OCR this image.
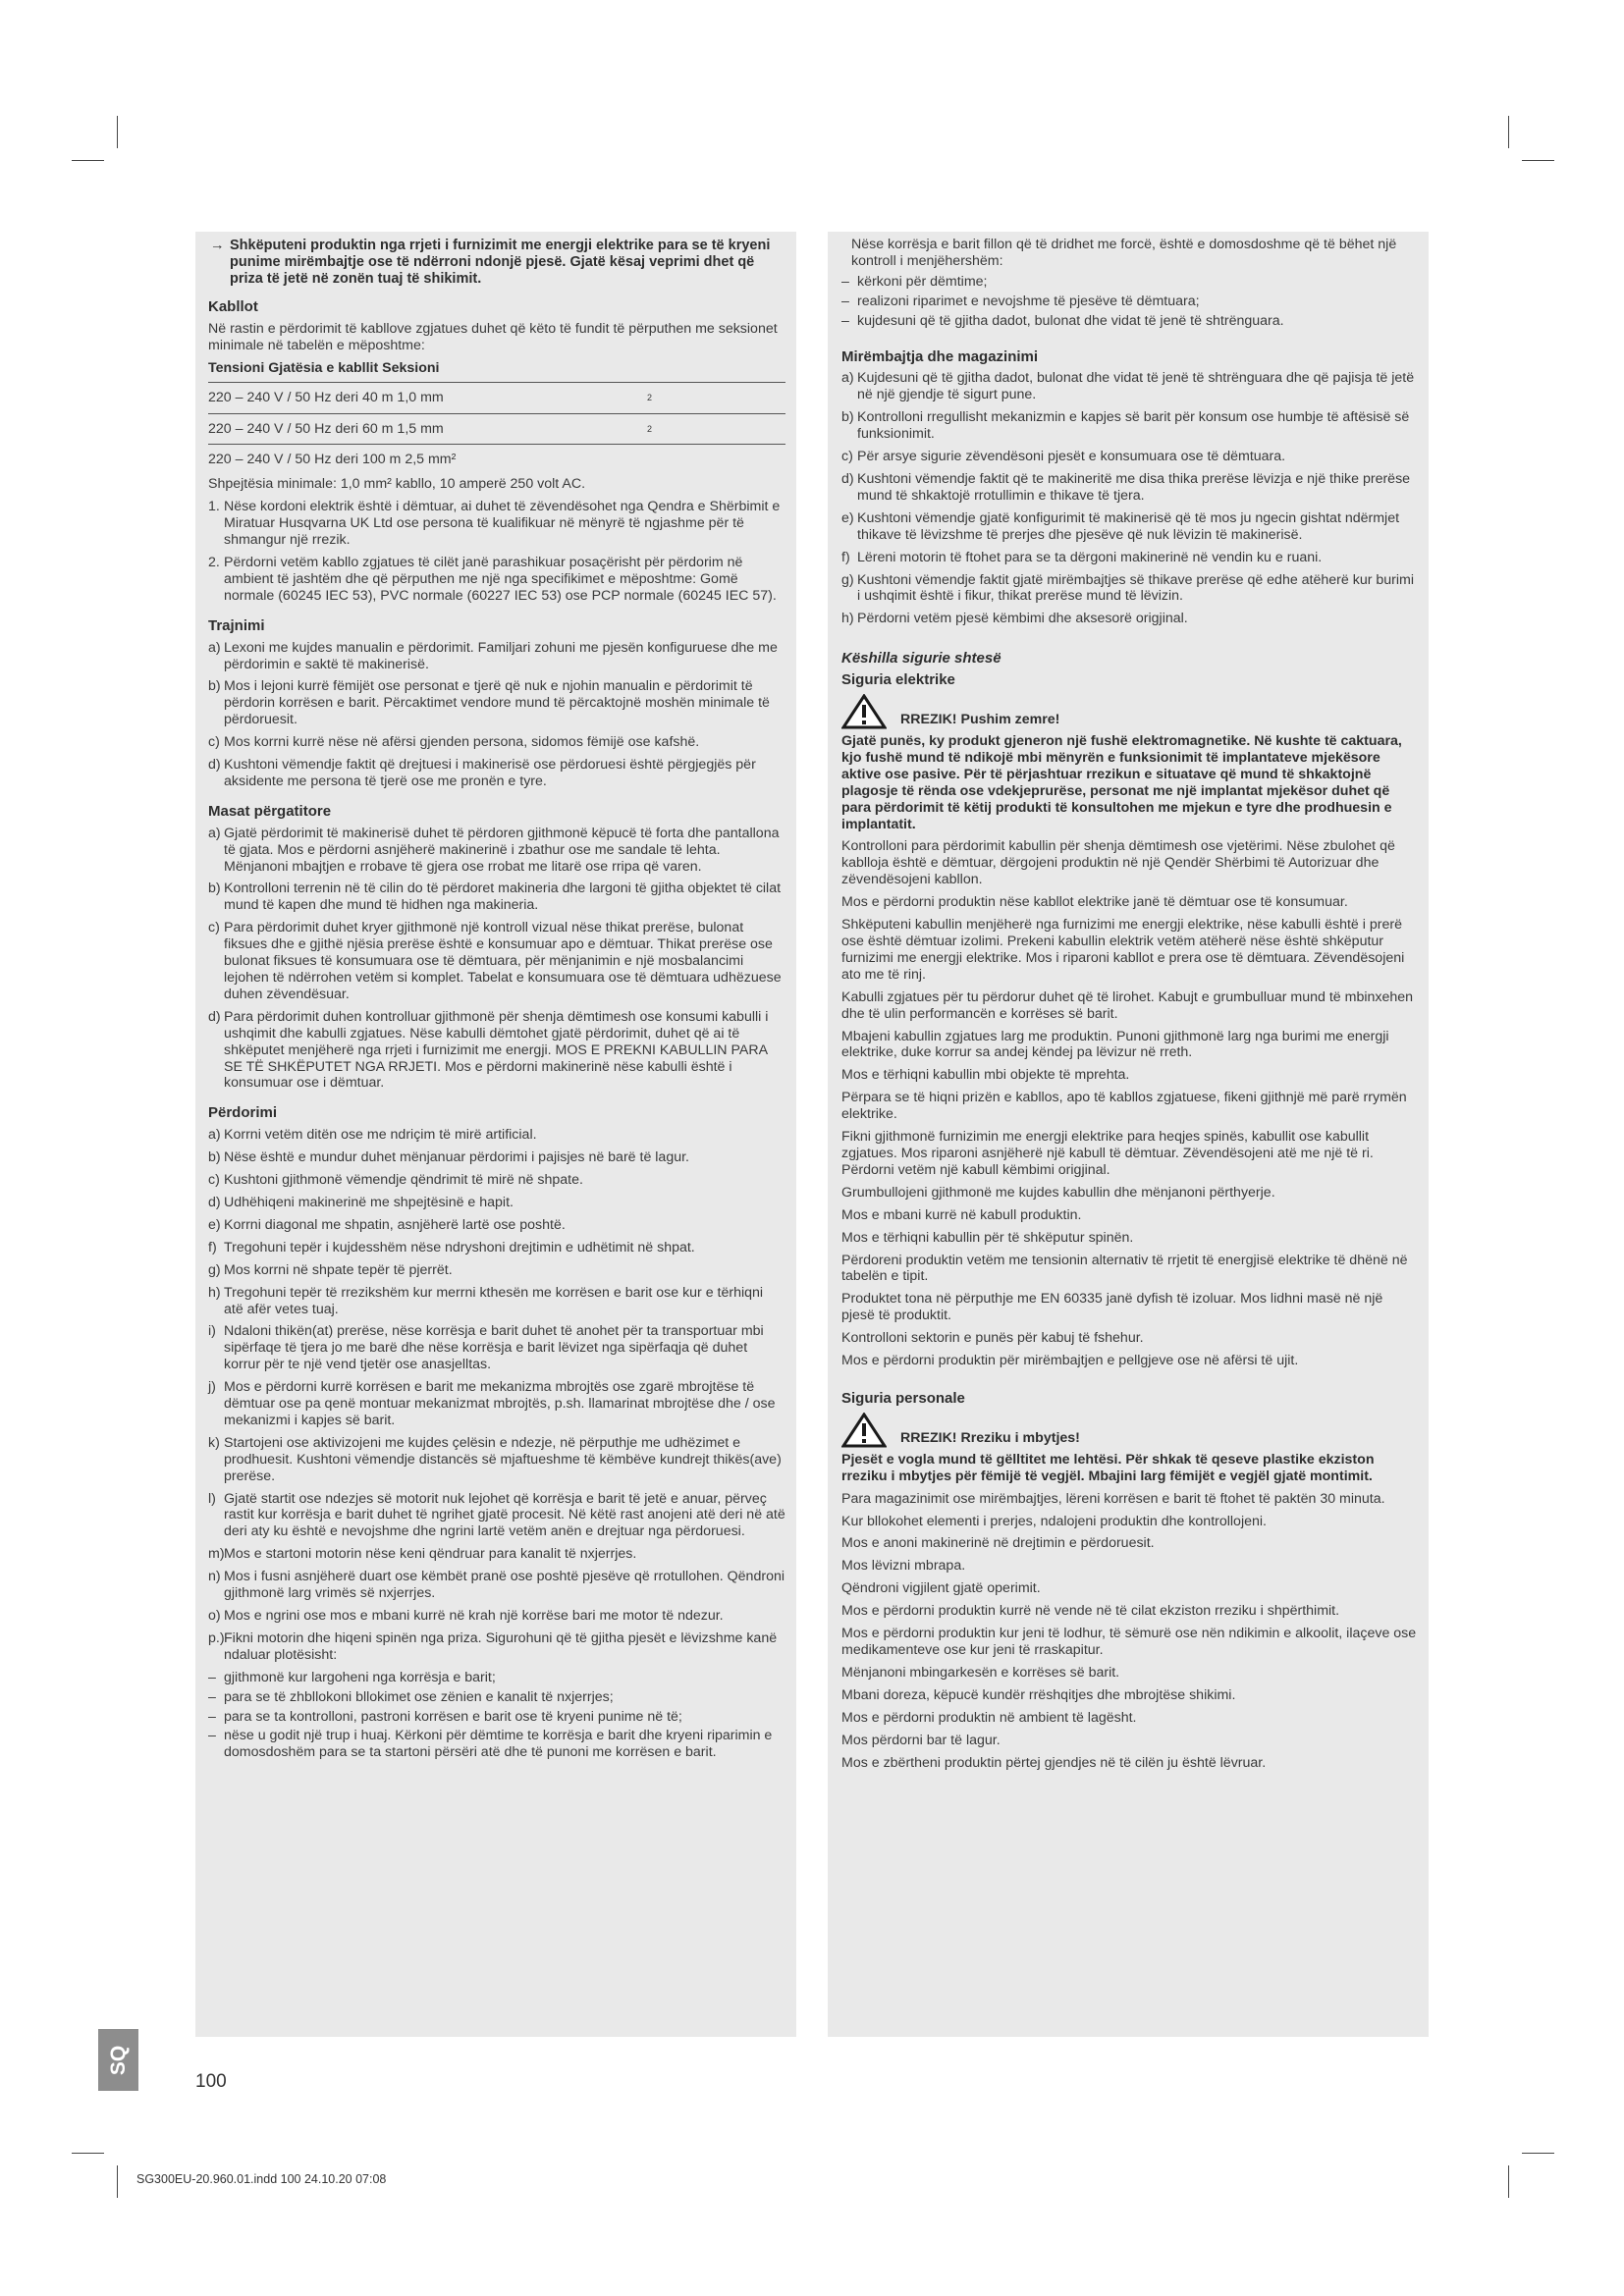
→ Shkëputeni produktin nga rrjeti i furnizimit me energji elektrike para se të kryeni punime mirëmbajtje ose të ndërroni ndonjë pjesë. Gjatë kësaj veprimi dhet që priza të jetë në zonën tuaj të shikimit.
Kabllot

Në rastin e përdorimit të kabllove zgjatues duhet që këto të fundit të përputhen me seksionet minimale në tabelën e mëposhtme:

Tensioni Gjatësia e kabllit Seksioni
220 – 240 V / 50 Hz deri 40 m 1,0 mm	2
220 – 240 V / 50 Hz deri 60 m 1,5 mm	2
220 – 240 V / 50 Hz deri 100 m 2,5 mm²

Shpejtësia minimale: 1,0 mm² kabllo, 10 amperë 250 volt AC.

1. Nëse kordoni elektrik është i dëmtuar, ai duhet të zëvendësohet nga Qendra e Shërbimit e Miratuar Husqvarna UK Ltd ose persona të kualifikuar në mënyrë të ngjashme për të shmangur një rrezik.
2. Përdorni vetëm kabllo zgjatues të cilët janë parashikuar posaçërisht për përdorim në ambient të jashtëm dhe që përputhen me një nga specifikimet e mëposhtme: Gomë normale (60245 IEC 53), PVC normale (60227 IEC 53) ose PCP normale (60245 IEC 57).
Trajnimi
a) Lexoni me kujdes manualin e përdorimit. Familjari zohuni me pjesën konfiguruese dhe me përdorimin e saktë të makinerisë.
b) Mos i lejoni kurrë fëmijët ose personat e tjerë që nuk e njohin manualin e përdorimit të përdorin korrësen e barit. Përcaktimet vendore mund të përcaktojnë moshën minimale të përdoruesit.
c) Mos korrni kurrë nëse në afërsi gjenden persona, sidomos fëmijë ose kafshë.
d) Kushtoni vëmendje faktit që drejtuesi i makinerisë ose përdoruesi është përgjegjës për aksidente me persona të tjerë ose me pronën e tyre.
Masat përgatitore
a) Gjatë përdorimit të makinerisë duhet të përdoren gjithmonë këpucë të forta dhe pantallona të gjata. Mos e përdorni asnjëherë makinerinë i zbathur ose me sandale të lehta. Mënjanoni mbajtjen e rrobave të gjera ose rrobat me litarë ose rripa që varen.
b) Kontrolloni terrenin në të cilin do të përdoret makineria dhe largoni të gjitha objektet të cilat mund të kapen dhe mund të hidhen nga makineria.
c) Para përdorimit duhet kryer gjithmonë një kontroll vizual nëse thikat prerëse, bulonat fiksues dhe e gjithë njësia prerëse është e konsumuar apo e dëmtuar. Thikat prerëse ose bulonat fiksues të konsumuara ose të dëmtuara, për mënjanimin e një mosbalancimi lejohen të ndërrohen vetëm si komplet. Tabelat e konsumuara ose të dëmtuara udhëzuese duhen zëvendësuar.
d) Para përdorimit duhen kontrolluar gjithmonë për shenja dëmtimesh ose konsumi kabulli i ushqimit dhe kabulli zgjatues. Nëse kabulli dëmtohet gjatë përdorimit, duhet që ai të shkëputet menjëherë nga rrjeti i furnizimit me energji. MOS E PREKNI KABULLIN PARA SE TË SHKËPUTET NGA RRJETI. Mos e përdorni makinerinë nëse kabulli është i konsumuar ose i dëmtuar.
Përdorimi
a) Korrni vetëm ditën ose me ndriçim të mirë artificial.
b) Nëse është e mundur duhet mënjanuar përdorimi i pajisjes në barë të lagur.
c) Kushtoni gjithmonë vëmendje qëndrimit të mirë në shpate.
d) Udhëhiqeni makinerinë me shpejtësinë e hapit.
e) Korrni diagonal me shpatin, asnjëherë lartë ose poshtë.
f) Tregohuni tepër i kujdesshëm nëse ndryshoni drejtimin e udhëtimit në shpat.
g) Mos korrni në shpate tepër të pjerrët.
h) Tregohuni tepër të rrezikshëm kur merrni kthesën me korrësen e barit ose kur e tërhiqni atë afër vetes tuaj.
i) Ndaloni thikën(at) prerëse, nëse korrësja e barit duhet të anohet për ta transportuar mbi sipërfaqe të tjera jo me barë dhe nëse korrësja e barit lëvizet nga sipërfaqja që duhet korrur për te një vend tjetër ose anasjelltas.
j) Mos e përdorni kurrë korrësen e barit me mekanizma mbrojtës ose zgarë mbrojtëse të dëmtuar ose pa qenë montuar mekanizmat mbrojtës, p.sh. llamarinat mbrojtëse dhe / ose mekanizmi i kapjes së barit.
k) Startojeni ose aktivizojeni me kujdes çelësin e ndezje, në përputhje me udhëzimet e prodhuesit. Kushtoni vëmendje distancës së mjaftueshme të këmbëve kundrejt thikës(ave) prerëse.
l) Gjatë startit ose ndezjes së motorit nuk lejohet që korrësja e barit të jetë e anuar, përveç rastit kur korrësja e barit duhet të ngrihet gjatë procesit. Në këtë rast anojeni atë deri në atë deri aty ku është e nevojshme dhe ngrini lartë vetëm anën e drejtuar nga përdoruesi.
m)Mos e startoni motorin nëse keni qëndruar para kanalit të nxjerrjes.
n) Mos i fusni asnjëherë duart ose këmbët pranë ose poshtë pjesëve që rrotullohen. Qëndroni gjithmonë larg vrimës së nxjerrjes.
o) Mos e ngrini ose mos e mbani kurrë në krah një korrëse bari me motor të ndezur.
p.)Fikni motorin dhe hiqeni spinën nga priza. Sigurohuni që të gjitha pjesët e lëvizshme kanë ndaluar plotësisht:
– gjithmonë kur largoheni nga korrësja e barit;
– para se të zhbllokoni bllokimet ose zënien e kanalit të nxjerrjes;
– para se ta kontrolloni, pastroni korrësen e barit ose të kryeni punime në të;
– nëse u godit një trup i huaj. Kërkoni për dëmtime te korrësja e barit dhe kryeni riparimin e domosdoshëm para se ta startoni përsëri atë dhe të punoni me korrësen e barit.

Nëse korrësja e barit fillon që të dridhet me forcë, është e domosdoshme që të bëhet një kontroll i menjëhershëm:

– kërkoni për dëmtime;
– realizoni riparimet e nevojshme të pjesëve të dëmtuara;
– kujdesuni që të gjitha dadot, bulonat dhe vidat të jenë të shtrënguara.
Mirëmbajtja dhe magazinimi
a) Kujdesuni që të gjitha dadot, bulonat dhe vidat të jenë të shtrënguara dhe që pajisja të jetë në një gjendje të sigurt pune.
b) Kontrolloni rregullisht mekanizmin e kapjes së barit për konsum ose humbje të aftësisë së funksionimit.
c) Për arsye sigurie zëvendësoni pjesët e konsumuara ose të dëmtuara.
d) Kushtoni vëmendje faktit që te makineritë me disa thika prerëse lëvizja e një thike prerëse mund të shkaktojë rrotullimin e thikave të tjera.
e) Kushtoni vëmendje gjatë konfigurimit të makinerisë që të mos ju ngecin gishtat ndërmjet thikave të lëvizshme të prerjes dhe pjesëve që nuk lëvizin të makinerisë.
f) Lëreni motorin të ftohet para se ta dërgoni makinerinë në vendin ku e ruani.
g) Kushtoni vëmendje faktit gjatë mirëmbajtjes së thikave prerëse që edhe atëherë kur burimi i ushqimit është i fikur, thikat prerëse mund të lëvizin.
h) Përdorni vetëm pjesë këmbimi dhe aksesorë origjinal.
Këshilla sigurie shtesë
Siguria elektrike
RREZIK! Pushim zemre!

Gjatë punës, ky produkt gjeneron një fushë elektromagnetike. Në kushte të caktuara, kjo fushë mund të ndikojë mbi mënyrën e funksionimit të implantateve mjekësore aktive ose pasive. Për të përjashtuar rrezikun e situatave që mund të shkaktojnë plagosje të rënda ose vdekjeprurëse, personat me një implantat mjekësor duhet që para përdorimit të këtij produkti të konsultohen me mjekun e tyre dhe prodhuesin e implantatit.

Kontrolloni para përdorimit kabullin për shenja dëmtimesh ose vjetërimi. Nëse zbulohet që kablloja është e dëmtuar, dërgojeni produktin në një Qendër Shërbimi të Autorizuar dhe zëvendësojeni kabllon.

Mos e përdorni produktin nëse kabllot elektrike janë të dëmtuar ose të konsumuar.

Shkëputeni kabullin menjëherë nga furnizimi me energji elektrike, nëse kabulli është i prerë ose është dëmtuar izolimi. Prekeni kabullin elektrik vetëm atëherë nëse është shkëputur furnizimi me energji elektrike. Mos i riparoni kabllot e prera ose të dëmtuara. Zëvendësojeni ato me të rinj.

Kabulli zgjatues për tu përdorur duhet që të lirohet. Kabujt e grumbulluar mund të mbinxehen dhe të ulin performancën e korrëses së barit.

Mbajeni kabullin zgjatues larg me produktin. Punoni gjithmonë larg nga burimi me energji elektrike, duke korrur sa andej këndej pa lëvizur në rreth.

Mos e tërhiqni kabullin mbi objekte të mprehta.

Përpara se të hiqni prizën e kabllos, apo të kabllos zgjatuese, fikeni gjithnjë më parë rrymën elektrike.

Fikni gjithmonë furnizimin me energji elektrike para heqjes spinës, kabullit ose kabullit zgjatues. Mos riparoni asnjëherë një kabull të dëmtuar. Zëvendësojeni atë me një të ri. Përdorni vetëm një kabull këmbimi origjinal.

Grumbullojeni gjithmonë me kujdes kabullin dhe mënjanoni përthyerje.

Mos e mbani kurrë në kabull produktin.

Mos e tërhiqni kabullin për të shkëputur spinën.

Përdoreni produktin vetëm me tensionin alternativ të rrjetit të energjisë elektrike të dhënë në tabelën e tipit.

Produktet tona në përputhje me EN 60335 janë dyfish të izoluar. Mos lidhni masë në një pjesë të produktit.

Kontrolloni sektorin e punës për kabuj të fshehur.

Mos e përdorni produktin për mirëmbajtjen e pellgjeve ose në afërsi të ujit.

Siguria personale
RREZIK! Rreziku i mbytjes!

Pjesët e vogla mund të gëlltitet me lehtësi. Për shkak të qeseve plastike ekziston rreziku i mbytjes për fëmijë të vegjël. Mbajini larg fëmijët e vegjël gjatë montimit.

Para magazinimit ose mirëmbajtjes, lëreni korrësen e barit të ftohet të paktën 30 minuta.

Kur bllokohet elementi i prerjes, ndalojeni produktin dhe kontrollojeni.

Mos e anoni makinerinë në drejtimin e përdoruesit.

Mos lëvizni mbrapa.

Qëndroni vigjilent gjatë operimit.

Mos e përdorni produktin kurrë në vende në të cilat ekziston rreziku i shpërthimit.

Mos e përdorni produktin kur jeni të lodhur, të sëmurë ose nën ndikimin e alkoolit, ilaçeve ose medikamenteve ose kur jeni të rraskapitur.

Mënjanoni mbingarkesën e korrëses së barit.

Mbani doreza, këpucë kundër rrëshqitjes dhe mbrojtëse shikimi.

Mos e përdorni produktin në ambient të lagësht.

Mos përdorni bar të lagur.

Mos e zbërtheni produktin përtej gjendjes në të cilën ju është lëvruar.

SQ
100
SG300EU-20.960.01.indd 100 24.10.20 07:08
